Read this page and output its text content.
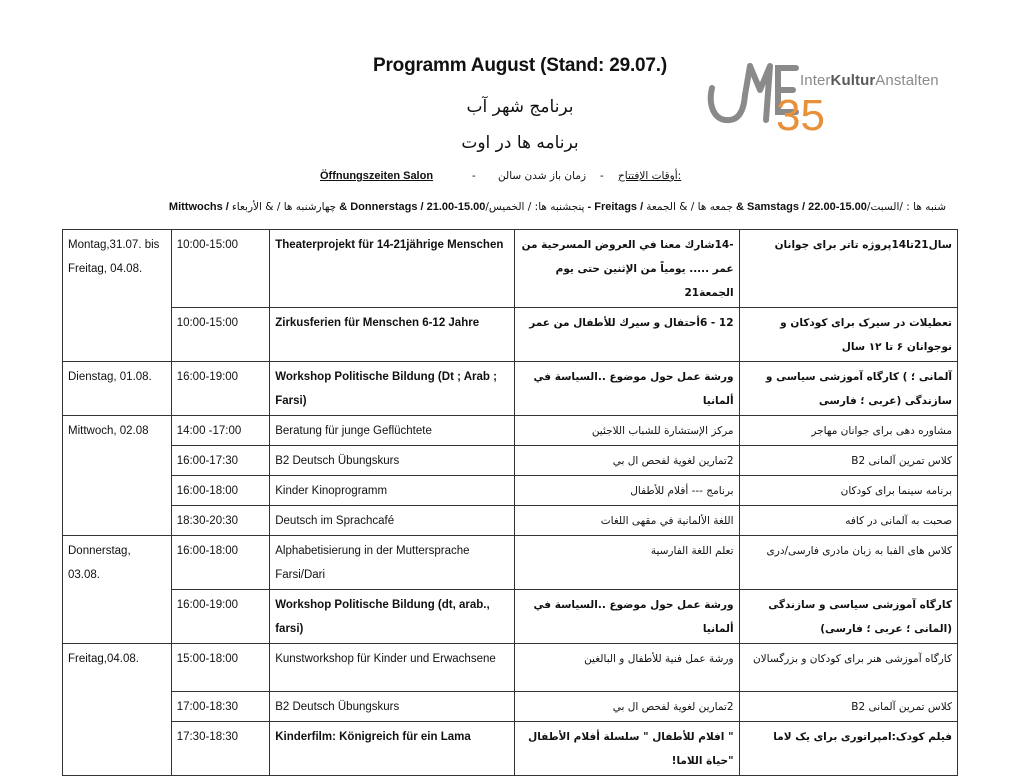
Programm August (Stand: 29.07.)
برنامج شهر آب
برنامه ها در اوت
35
InterKulturAnstalten
Öffnungszeiten Salon	- زمان باز شدن سالن - أوقات الإفتتاح:
Mittwochs /	چهارشنبه ها / & الأربعاء	& Donnerstags /	پنجشنبه ها: / الخميس/15.00-21.00 - Freitags /	جمعه ها / & الجمعة	& Samstags /	شنبه ها : /السبت/15.00-22.00
Montag,31.07. bis Freitag, 04.08.	10:00-15:00	Theaterprojekt für 14-21jährige Menschen	-14شارك معنا في العروض المسرحية من عمر ..... يومياً من الإثنين حتى يوم الجمعة21	سال21تا14پروژه تاتر برای جوانان
	10:00-15:00	Zirkusferien für Menschen 6-12 Jahre	12 - 6أحتفال و سيرك للأطفال من عمر	تعطیلات در سیرک برای کودکان و نوجوانان ۶ تا ۱۲ سال
Dienstag, 01.08.	16:00-19:00	Workshop Politische Bildung (Dt ; Arab ; Farsi)	ورشة عمل حول موضوع ..السياسة في ألمانيا	آلمانی ؛ ) کارگاه آموزشی سیاسی و سازندگی (عربی ؛ فارسی
Mittwoch, 02.08	14:00 -17:00	Beratung für junge Geflüchtete	مركز الإستشارة للشباب اللاجئين	مشاوره دهی برای جوانان مهاجر
	16:00-17:30	B2 Deutsch Übungskurs	2تمارين لغوية لفحص ال بي	کلاس تمرین آلمانی B2
	16:00-18:00	Kinder Kinoprogramm	برنامج --- أفلام للأطفال	برنامه سینما برای کودکان
	18:30-20:30	Deutsch im Sprachcafé	اللغة الألمانية في مقهى اللغات	صحبت به آلمانی در کافه
Donnerstag, 03.08.	16:00-18:00	Alphabetisierung in der Muttersprache Farsi/Dari	تعلم اللغة الفارسية	کلاس های الفبا به زبان مادری فارسی/دری
	16:00-19:00	Workshop Politische Bildung (dt, arab., farsi)	ورشة عمل حول موضوع ..السياسة في ألمانيا	کارگاه آموزشی سیاسی و سازندگی (المانی ؛ عربی ؛ فارسی)
Freitag,04.08.	15:00-18:00	Kunstworkshop für Kinder und Erwachsene	ورشة عمل فنية للأطفال و البالغين	کارگاه آموزشی هنر برای کودکان و بزرگسالان
	17:00-18:30	B2 Deutsch Übungskurs	2تمارين لغوية لفحص ال بي	کلاس تمرین آلمانی B2
	17:30-18:30	Kinderfilm: Königreich für ein Lama	" افلام للأطفال " سلسلة أفلام الأطفال "حياة اللاما!	فیلم کودک:امپراتوری برای یک لاما
